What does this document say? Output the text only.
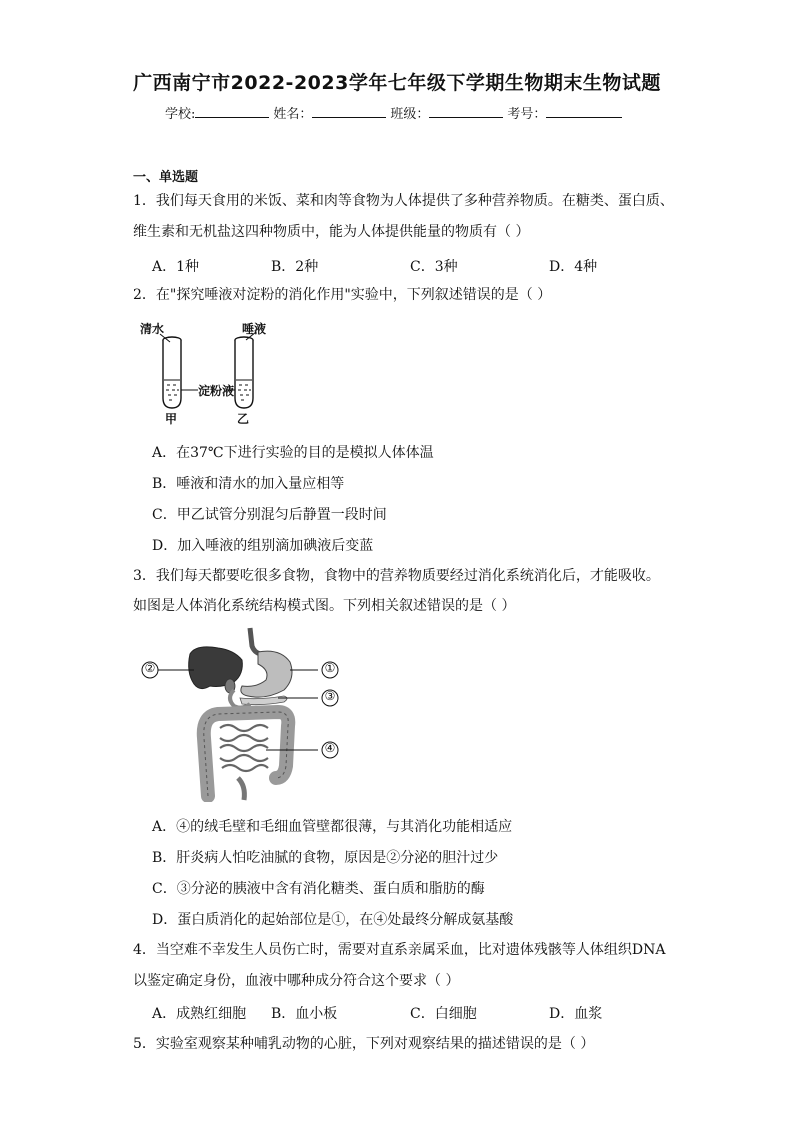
广西南宁市2022-2023学年七年级下学期生物期末生物试题
学校:	姓名：	班级：	考号：
一、单选题
1．我们每天食用的米饭、菜和肉等食物为人体提供了多种营养物质。在糖类、蛋白质、
维生素和无机盐这四种物质中，能为人体提供能量的物质有（ ）
A．1种	B．2种	C．3种	D．4种
2．在"探究唾液对淀粉的消化作用"实验中，下列叙述错误的是（ ）
清水	唾液
淀粉液
甲	乙
A．在37℃下进行实验的目的是模拟人体体温
B．唾液和清水的加入量应相等
C．甲乙试管分别混匀后静置一段时间
D．加入唾液的组别滴加碘液后变蓝
3．我们每天都要吃很多食物，食物中的营养物质要经过消化系统消化后，才能吸收。
如图是人体消化系统结构模式图。下列相关叙述错误的是（ ）
②	①
③
④
A．④的绒毛壁和毛细血管壁都很薄，与其消化功能相适应
B．肝炎病人怕吃油腻的食物，原因是②分泌的胆汁过少
C．③分泌的胰液中含有消化糖类、蛋白质和脂肪的酶
D．蛋白质消化的起始部位是①，在④处最终分解成氨基酸
4．当空难不幸发生人员伤亡时，需要对直系亲属采血，比对遗体残骸等人体组织DNA
以鉴定确定身份，血液中哪种成分符合这个要求（ ）
A．成熟红细胞 B．血小板	C．白细胞	D．血浆
5．实验室观察某种哺乳动物的心脏，下列对观察结果的描述错误的是（ ）
